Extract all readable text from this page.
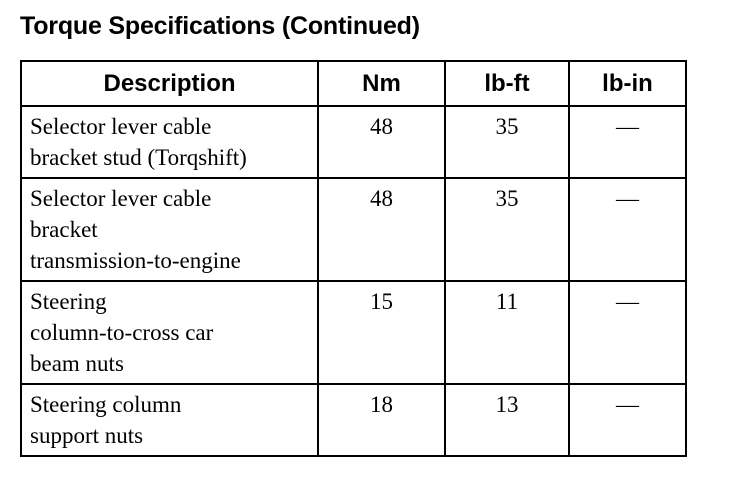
Torque Specifications (Continued)
Description	Nm	lb-ft	lb-in

Selector lever cable
bracket stud (Torqshift)	48	35	—

Selector lever cable
bracket
transmission-to-engine	48	35	—

Steering
column-to-cross car
beam nuts	15	11	—

Steering column
support nuts	18	13	—
